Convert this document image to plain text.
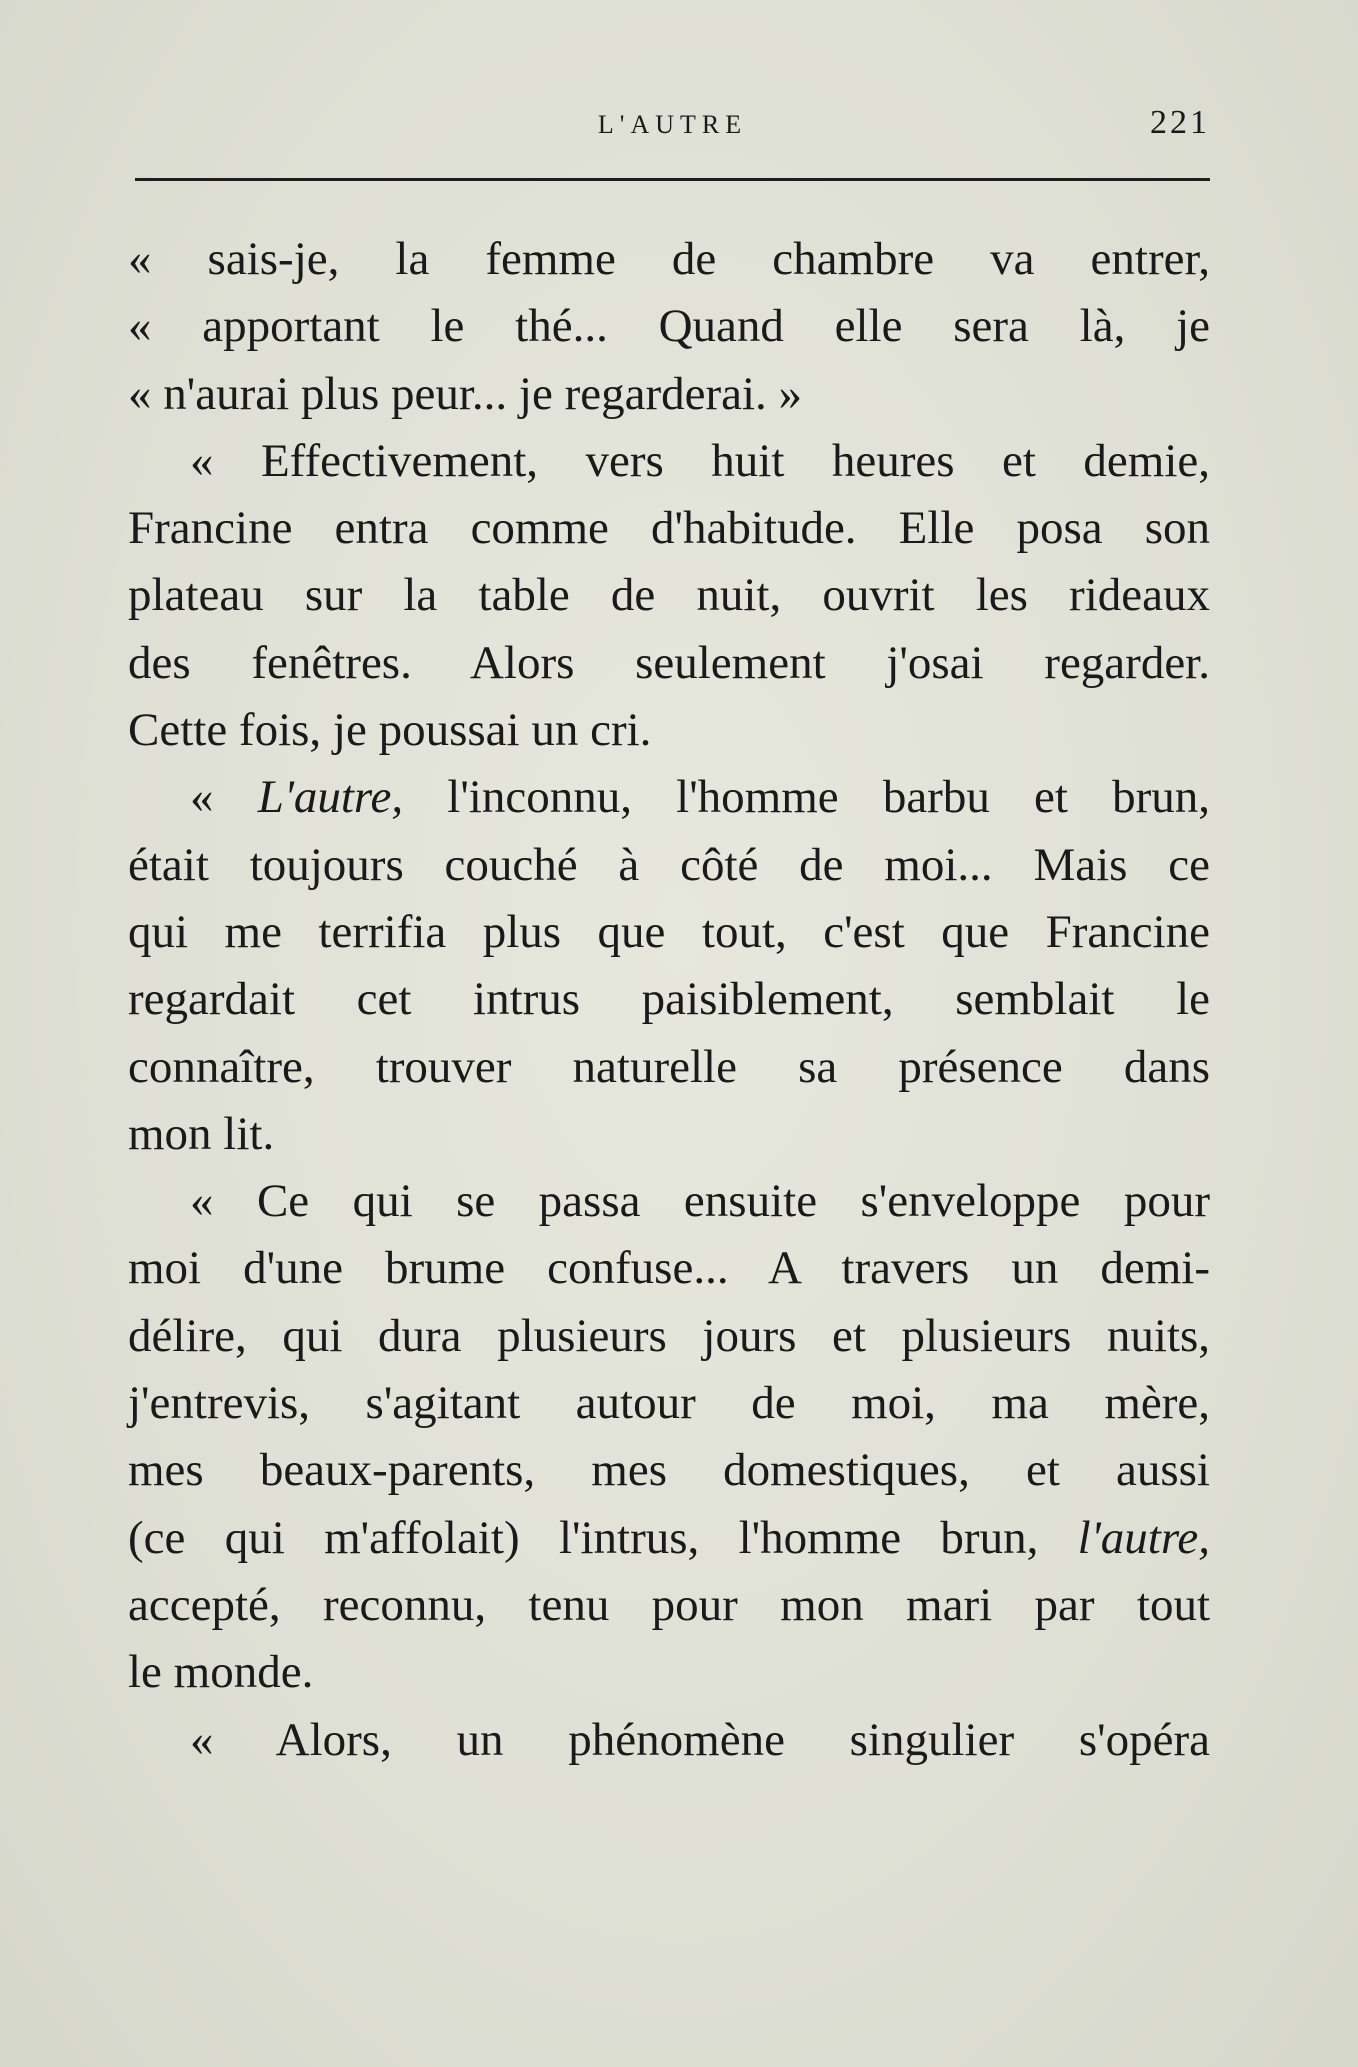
L'AUTRE	221
« sais-je, la femme de chambre va entrer,
« apportant le thé... Quand elle sera là, je
« n'aurai plus peur... je regarderai. »
« Effectivement, vers huit heures et demie,
Francine entra comme d'habitude. Elle posa son
plateau sur la table de nuit, ouvrit les rideaux
des fenêtres. Alors seulement j'osai regarder.
Cette fois, je poussai un cri.
« L'autre, l'inconnu, l'homme barbu et brun,
était toujours couché à côté de moi... Mais ce
qui me terrifia plus que tout, c'est que Francine
regardait cet intrus paisiblement, semblait le
connaître, trouver naturelle sa présence dans
mon lit.
« Ce qui se passa ensuite s'enveloppe pour
moi d'une brume confuse... A travers un demi-
délire, qui dura plusieurs jours et plusieurs nuits,
j'entrevis, s'agitant autour de moi, ma mère,
mes beaux-parents, mes domestiques, et aussi
(ce qui m'affolait) l'intrus, l'homme brun, l'autre,
accepté, reconnu, tenu pour mon mari par tout
le monde.
« Alors, un phénomène singulier s'opéra
